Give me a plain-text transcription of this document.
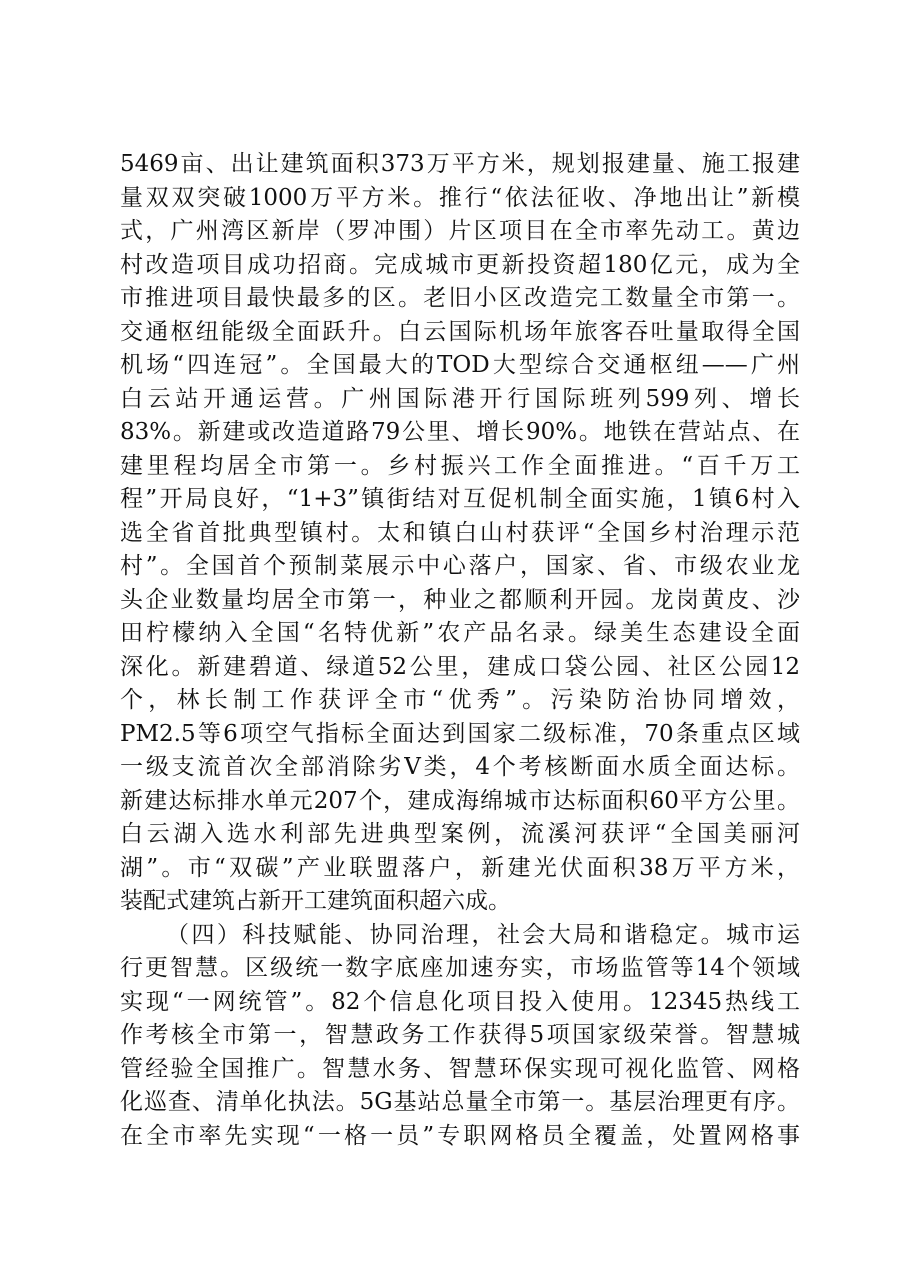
5469亩、出让建筑面积373万平方米，规划报建量、施工报建
量双双突破1000万平方米。推行“依法征收、净地出让”新模
式，广州湾区新岸（罗冲围）片区项目在全市率先动工。黄边
村改造项目成功招商。完成城市更新投资超180亿元，成为全
市推进项目最快最多的区。老旧小区改造完工数量全市第一。
交通枢纽能级全面跃升。白云国际机场年旅客吞吐量取得全国
机场“四连冠”。全国最大的TOD大型综合交通枢纽——广州
白云站开通运营。广州国际港开行国际班列599列、增长
83%。新建或改造道路79公里、增长90%。地铁在营站点、在
建里程均居全市第一。乡村振兴工作全面推进。“百千万工
程”开局良好，“1+3”镇街结对互促机制全面实施，1镇6村入
选全省首批典型镇村。太和镇白山村获评“全国乡村治理示范
村”。全国首个预制菜展示中心落户，国家、省、市级农业龙
头企业数量均居全市第一，种业之都顺利开园。龙岗黄皮、沙
田柠檬纳入全国“名特优新”农产品名录。绿美生态建设全面
深化。新建碧道、绿道52公里，建成口袋公园、社区公园12
个，林长制工作获评全市“优秀”。污染防治协同增效，
PM2.5等6项空气指标全面达到国家二级标准，70条重点区域
一级支流首次全部消除劣V类，4个考核断面水质全面达标。
新建达标排水单元207个，建成海绵城市达标面积60平方公里。
白云湖入选水利部先进典型案例，流溪河获评“全国美丽河
湖”。市“双碳”产业联盟落户，新建光伏面积38万平方米，
装配式建筑占新开工建筑面积超六成。
（四）科技赋能、协同治理，社会大局和谐稳定。城市运
行更智慧。区级统一数字底座加速夯实，市场监管等14个领域
实现“一网统管”。82个信息化项目投入使用。12345热线工
作考核全市第一，智慧政务工作获得5项国家级荣誉。智慧城
管经验全国推广。智慧水务、智慧环保实现可视化监管、网格
化巡查、清单化执法。5G基站总量全市第一。基层治理更有序。
在全市率先实现“一格一员”专职网格员全覆盖，处置网格事
